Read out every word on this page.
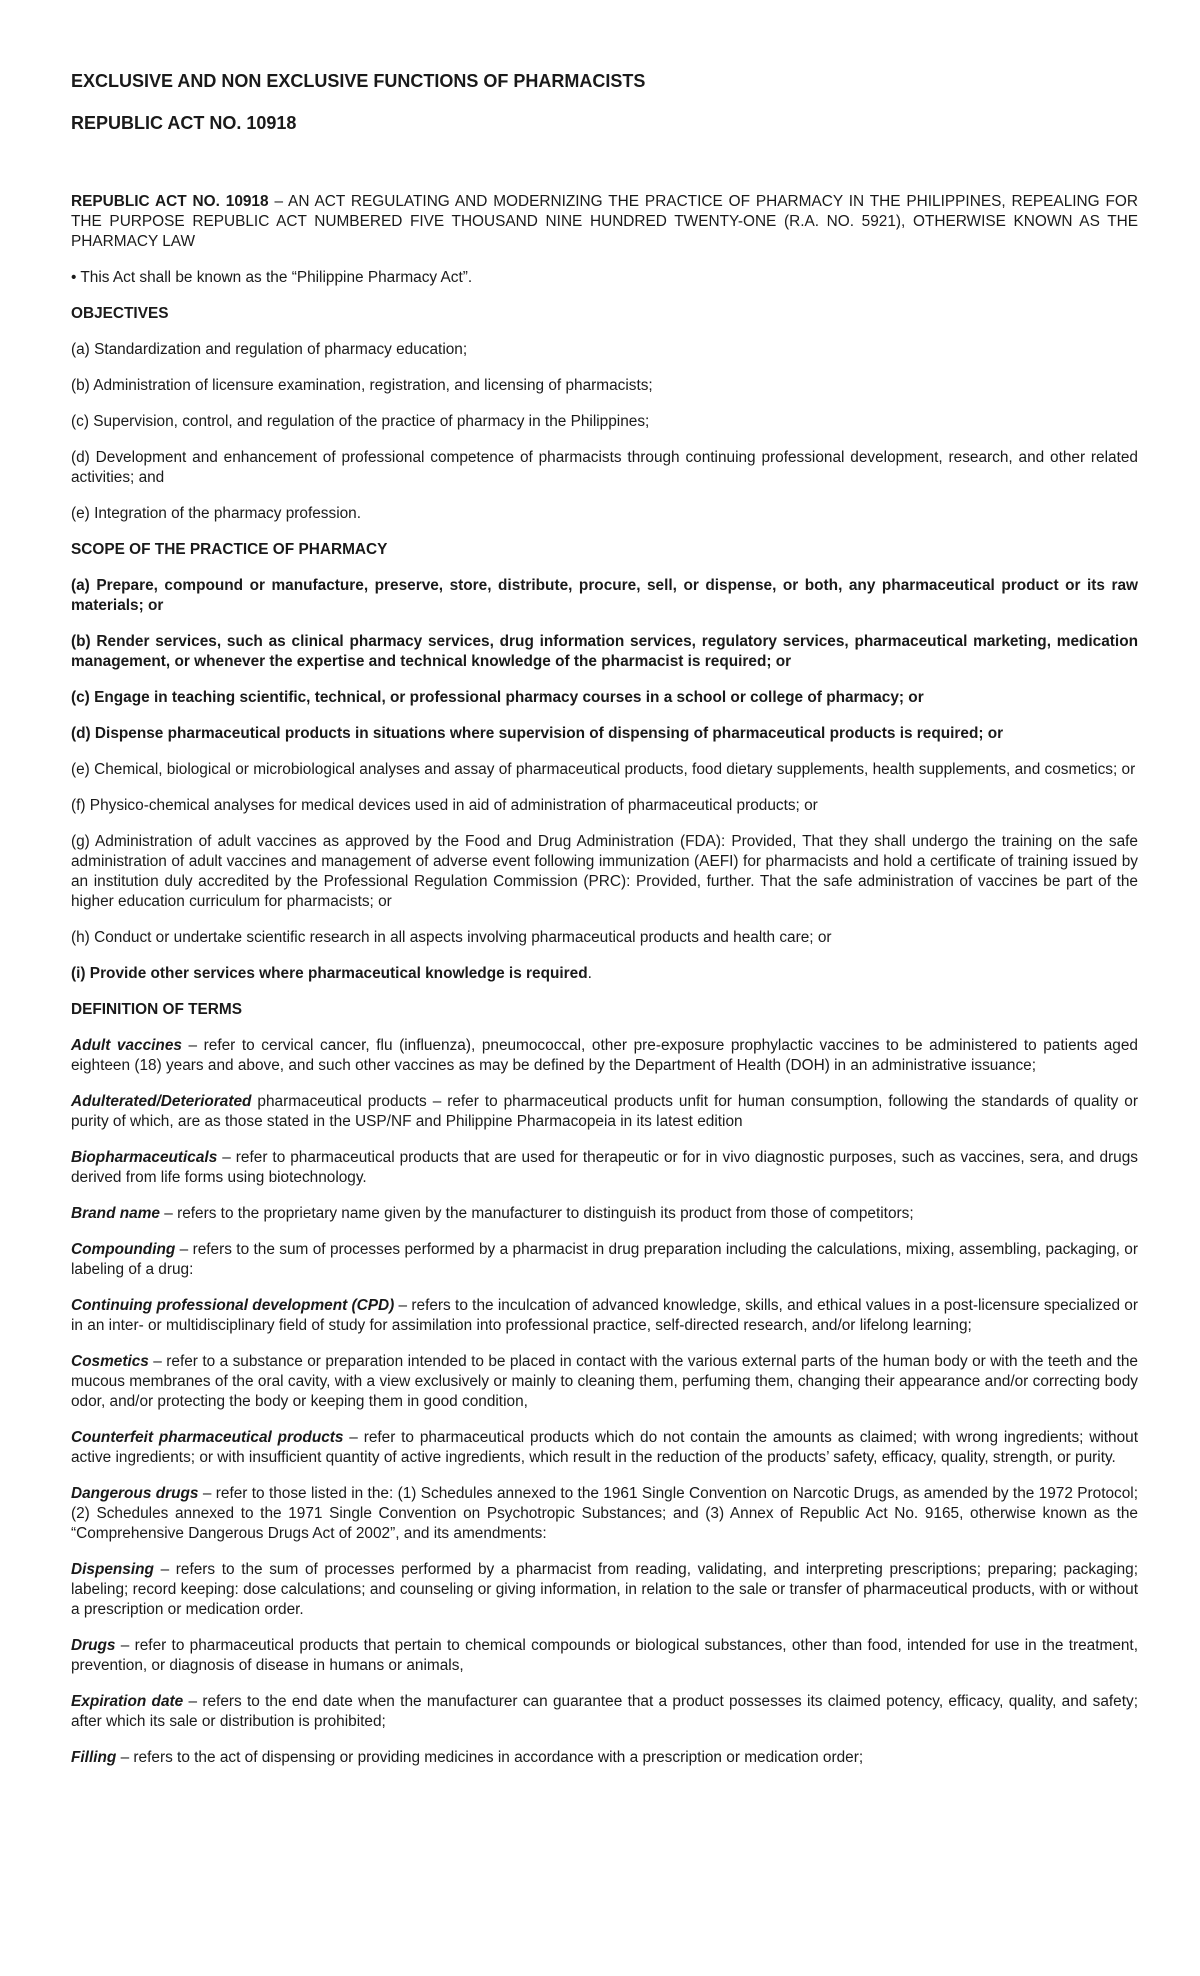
EXCLUSIVE AND NON EXCLUSIVE FUNCTIONS OF PHARMACISTS
REPUBLIC ACT NO. 10918

REPUBLIC ACT NO. 10918 – AN ACT REGULATING AND MODERNIZING THE PRACTICE OF PHARMACY IN THE PHILIPPINES, REPEALING FOR THE PURPOSE REPUBLIC ACT NUMBERED FIVE THOUSAND NINE HUNDRED TWENTY-ONE (R.A. NO. 5921), OTHERWISE KNOWN AS THE PHARMACY LAW

• This Act shall be known as the “Philippine Pharmacy Act”.

OBJECTIVES

(a) Standardization and regulation of pharmacy education;

(b) Administration of licensure examination, registration, and licensing of pharmacists;

(c) Supervision, control, and regulation of the practice of pharmacy in the Philippines;

(d) Development and enhancement of professional competence of pharmacists through continuing professional development, research, and other related activities; and

(e) Integration of the pharmacy profession.

SCOPE OF THE PRACTICE OF PHARMACY

(a) Prepare, compound or manufacture, preserve, store, distribute, procure, sell, or dispense, or both, any pharmaceutical product or its raw materials; or

(b) Render services, such as clinical pharmacy services, drug information services, regulatory services, pharmaceutical marketing, medication management, or whenever the expertise and technical knowledge of the pharmacist is required; or

(c) Engage in teaching scientific, technical, or professional pharmacy courses in a school or college of pharmacy; or

(d) Dispense pharmaceutical products in situations where supervision of dispensing of pharmaceutical products is required; or

(e) Chemical, biological or microbiological analyses and assay of pharmaceutical products, food dietary supplements, health supplements, and cosmetics; or

(f) Physico-chemical analyses for medical devices used in aid of administration of pharmaceutical products; or

(g) Administration of adult vaccines as approved by the Food and Drug Administration (FDA): Provided, That they shall undergo the training on the safe administration of adult vaccines and management of adverse event following immunization (AEFI) for pharmacists and hold a certificate of training issued by an institution duly accredited by the Professional Regulation Commission (PRC): Provided, further. That the safe administration of vaccines be part of the higher education curriculum for pharmacists; or

(h) Conduct or undertake scientific research in all aspects involving pharmaceutical products and health care; or

(i) Provide other services where pharmaceutical knowledge is required.

DEFINITION OF TERMS

Adult vaccines – refer to cervical cancer, flu (influenza), pneumococcal, other pre-exposure prophylactic vaccines to be administered to patients aged eighteen (18) years and above, and such other vaccines as may be defined by the Department of Health (DOH) in an administrative issuance;

Adulterated/Deteriorated pharmaceutical products – refer to pharmaceutical products unfit for human consumption, following the standards of quality or purity of which, are as those stated in the USP/NF and Philippine Pharmacopeia in its latest edition

Biopharmaceuticals – refer to pharmaceutical products that are used for therapeutic or for in vivo diagnostic purposes, such as vaccines, sera, and drugs derived from life forms using biotechnology.

Brand name – refers to the proprietary name given by the manufacturer to distinguish its product from those of competitors;

Compounding – refers to the sum of processes performed by a pharmacist in drug preparation including the calculations, mixing, assembling, packaging, or labeling of a drug:

Continuing professional development (CPD) – refers to the inculcation of advanced knowledge, skills, and ethical values in a post-licensure specialized or in an inter- or multidisciplinary field of study for assimilation into professional practice, self-directed research, and/or lifelong learning;

Cosmetics – refer to a substance or preparation intended to be placed in contact with the various external parts of the human body or with the teeth and the mucous membranes of the oral cavity, with a view exclusively or mainly to cleaning them, perfuming them, changing their appearance and/or correcting body odor, and/or protecting the body or keeping them in good condition,

Counterfeit pharmaceutical products – refer to pharmaceutical products which do not contain the amounts as claimed; with wrong ingredients; without active ingredients; or with insufficient quantity of active ingredients, which result in the reduction of the products’ safety, efficacy, quality, strength, or purity.

Dangerous drugs – refer to those listed in the: (1) Schedules annexed to the 1961 Single Convention on Narcotic Drugs, as amended by the 1972 Protocol; (2) Schedules annexed to the 1971 Single Convention on Psychotropic Substances; and (3) Annex of Republic Act No. 9165, otherwise known as the “Comprehensive Dangerous Drugs Act of 2002”, and its amendments:

Dispensing – refers to the sum of processes performed by a pharmacist from reading, validating, and interpreting prescriptions; preparing; packaging; labeling; record keeping: dose calculations; and counseling or giving information, in relation to the sale or transfer of pharmaceutical products, with or without a prescription or medication order.

Drugs – refer to pharmaceutical products that pertain to chemical compounds or biological substances, other than food, intended for use in the treatment, prevention, or diagnosis of disease in humans or animals,

Expiration date – refers to the end date when the manufacturer can guarantee that a product possesses its claimed potency, efficacy, quality, and safety; after which its sale or distribution is prohibited;

Filling – refers to the act of dispensing or providing medicines in accordance with a prescription or medication order;
